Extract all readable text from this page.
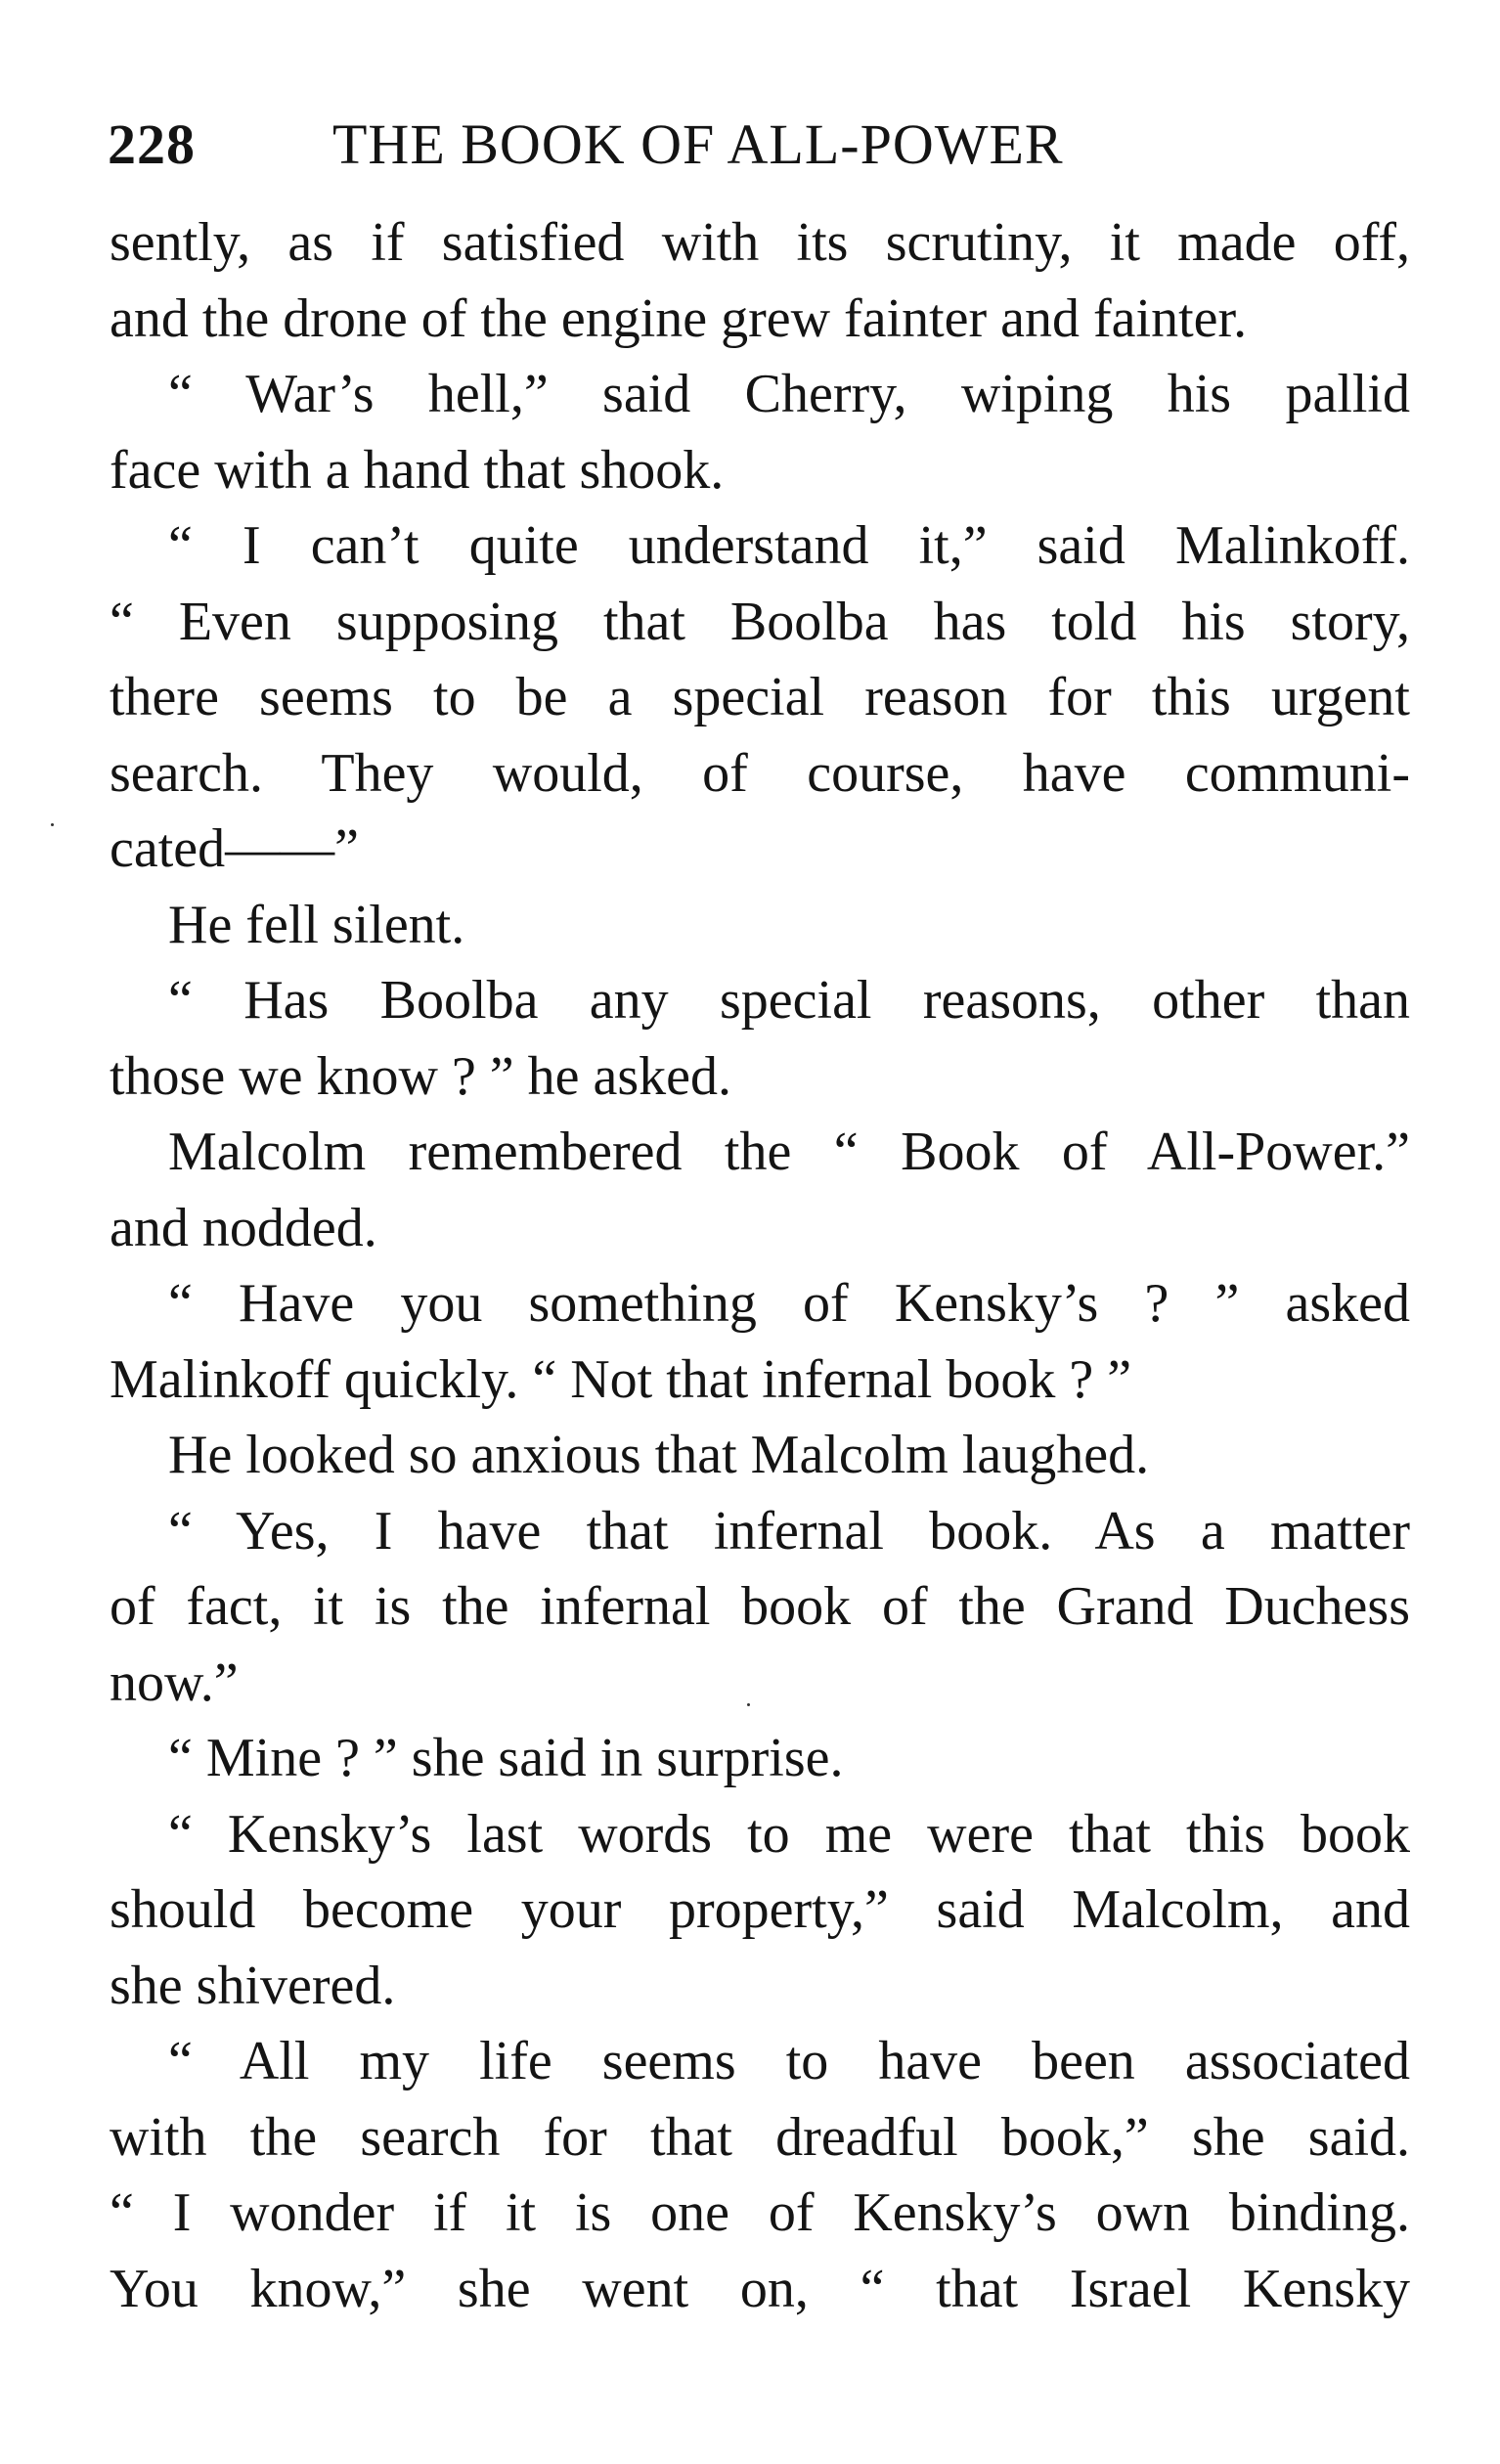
228 THE BOOK OF ALL-POWER
sently, as if satisfied with its scrutiny, it made off,
and the drone of the engine grew fainter and fainter.
“ War’s hell,” said Cherry, wiping his pallid
face with a hand that shook.
“ I can’t quite understand it,” said Malinkoff.
“ Even supposing that Boolba has told his story,
there seems to be a special reason for this urgent
search. They would, of course, have communi-
cated——”
He fell silent.
“ Has Boolba any special reasons, other than
those we know ? ” he asked.
Malcolm remembered the “ Book of All-Power.”
and nodded.
“ Have you something of Kensky’s ? ” asked
Malinkoff quickly. “ Not that infernal book ? ”
He looked so anxious that Malcolm laughed.
“ Yes, I have that infernal book. As a matter
of fact, it is the infernal book of the Grand Duchess
now.”
“ Mine ? ” she said in surprise.
“ Kensky’s last words to me were that this book
should become your property,” said Malcolm, and
she shivered.
“ All my life seems to have been associated
with the search for that dreadful book,” she said.
“ I wonder if it is one of Kensky’s own binding.
You know,” she went on, “ that Israel Kensky
